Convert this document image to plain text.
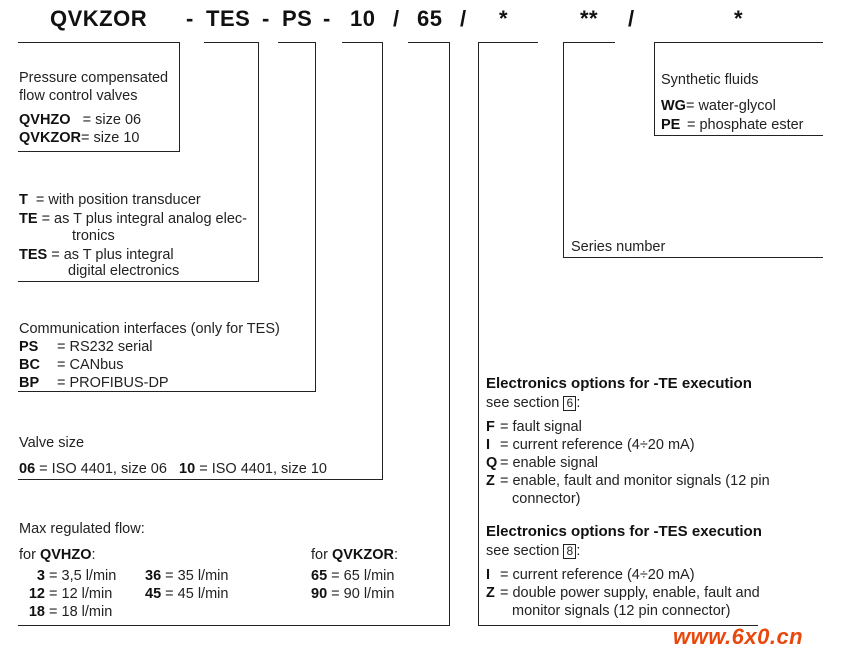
QVKZOR - TES - PS - 10 / 65 / *	** /	*
Pressure compensated
flow control valves
QVHZO = size 06
QVKZOR= size 10
T = with position transducer
TE = as T plus integral analog elec-
tronics
TES = as T plus integral
digital electronics
Communication interfaces (only for TES)
PS = RS232 serial
BC = CANbus
BP = PROFIBUS-DP
Valve size
06 = ISO 4401, size 06 10 = ISO 4401, size 10
Max regulated flow:
for QVHZO:	for QVKZOR:
3 = 3,5 l/min
12 = 12 l/min
18 = 18 l/min
36 = 35 l/min
45 = 45 l/min
65 = 65 l/min
90 = 90 l/min
Electronics options for -TE execution
see section 6 :
F = fault signal
I = current reference (4÷20 mA)
Q = enable signal
Z = enable, fault and monitor signals (12 pin
connector)
Electronics options for -TES execution
see section 8 :
I = current reference (4÷20 mA)
Z = double power supply, enable, fault and
monitor signals (12 pin connector)
Series number
Synthetic fluids
WG= water-glycol
PE = phosphate ester
www.6x0.cn
